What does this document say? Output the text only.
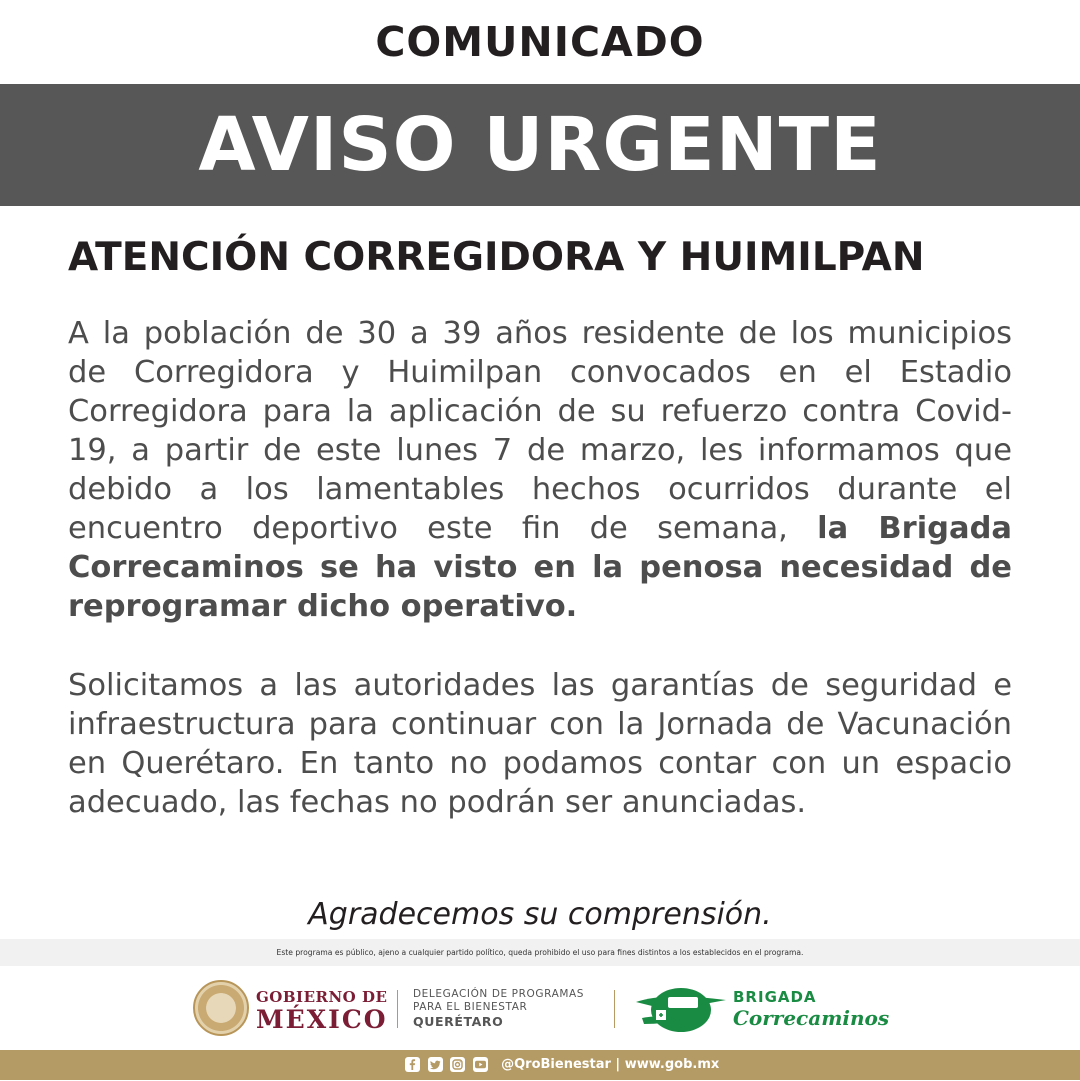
COMUNICADO
AVISO URGENTE
ATENCIÓN CORREGIDORA Y HUIMILPAN

A la población de 30 a 39 años residente de los municipios de Corregidora y Huimilpan convocados en el Estadio Corregidora para la aplicación de su refuerzo contra Covid-19, a partir de este lunes 7 de marzo, les informamos que debido a los lamentables hechos ocurridos durante el encuentro deportivo este fin de semana, la Brigada Correcaminos se ha visto en la penosa necesidad de reprogramar dicho operativo.

Solicitamos a las autoridades las garantías de seguridad e infraestructura para continuar con la Jornada de Vacunación en Querétaro. En tanto no podamos contar con un espacio adecuado, las fechas no podrán ser anunciadas.

Agradecemos su comprensión.
Este programa es público, ajeno a cualquier partido político, queda prohibido el uso para fines distintos a los establecidos en el programa.
GOBIERNO DE
MÉXICO
DELEGACIÓN DE PROGRAMAS
PARA EL BIENESTAR
QUERÉTARO
BRIGADA
Correcaminos

@QroBienestar | www.gob.mx
